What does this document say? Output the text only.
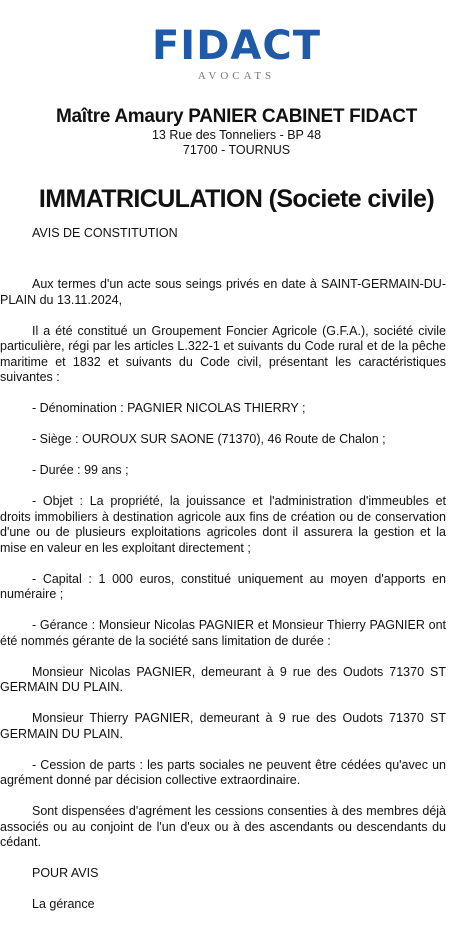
FIDACT
AVOCATS
Maître Amaury PANIER CABINET FIDACT
13 Rue des Tonneliers - BP 48
71700 - TOURNUS
IMMATRICULATION (Societe civile)
AVIS DE CONSTITUTION

Aux termes d'un acte sous seings privés en date à SAINT-GERMAIN-DU-PLAIN du 13.11.2024,

Il a été constitué un Groupement Foncier Agricole (G.F.A.), société civile particulière, régi par les articles L.322-1 et suivants du Code rural et de la pêche maritime et 1832 et suivants du Code civil, présentant les caractéristiques suivantes :

- Dénomination : PAGNIER NICOLAS THIERRY ;

- Siège : OUROUX SUR SAONE (71370), 46 Route de Chalon ;

- Durée : 99 ans ;

- Objet : La propriété, la jouissance et l'administration d'immeubles et droits immobiliers à destination agricole aux fins de création ou de conservation d'une ou de plusieurs exploitations agricoles dont il assurera la gestion et la mise en valeur en les exploitant directement ;

- Capital : 1 000 euros, constitué uniquement au moyen d'apports en numéraire ;

- Gérance : Monsieur Nicolas PAGNIER et Monsieur Thierry PAGNIER ont été nommés gérante de la société sans limitation de durée :

Monsieur Nicolas PAGNIER, demeurant à 9 rue des Oudots 71370 ST GERMAIN DU PLAIN.

Monsieur Thierry PAGNIER, demeurant à 9 rue des Oudots 71370 ST GERMAIN DU PLAIN.

- Cession de parts : les parts sociales ne peuvent être cédées qu'avec un agrément donné par décision collective extraordinaire.

Sont dispensées d'agrément les cessions consenties à des membres déjà associés ou au conjoint de l'un d'eux ou à des ascendants ou descendants du cédant.

POUR AVIS

La gérance
